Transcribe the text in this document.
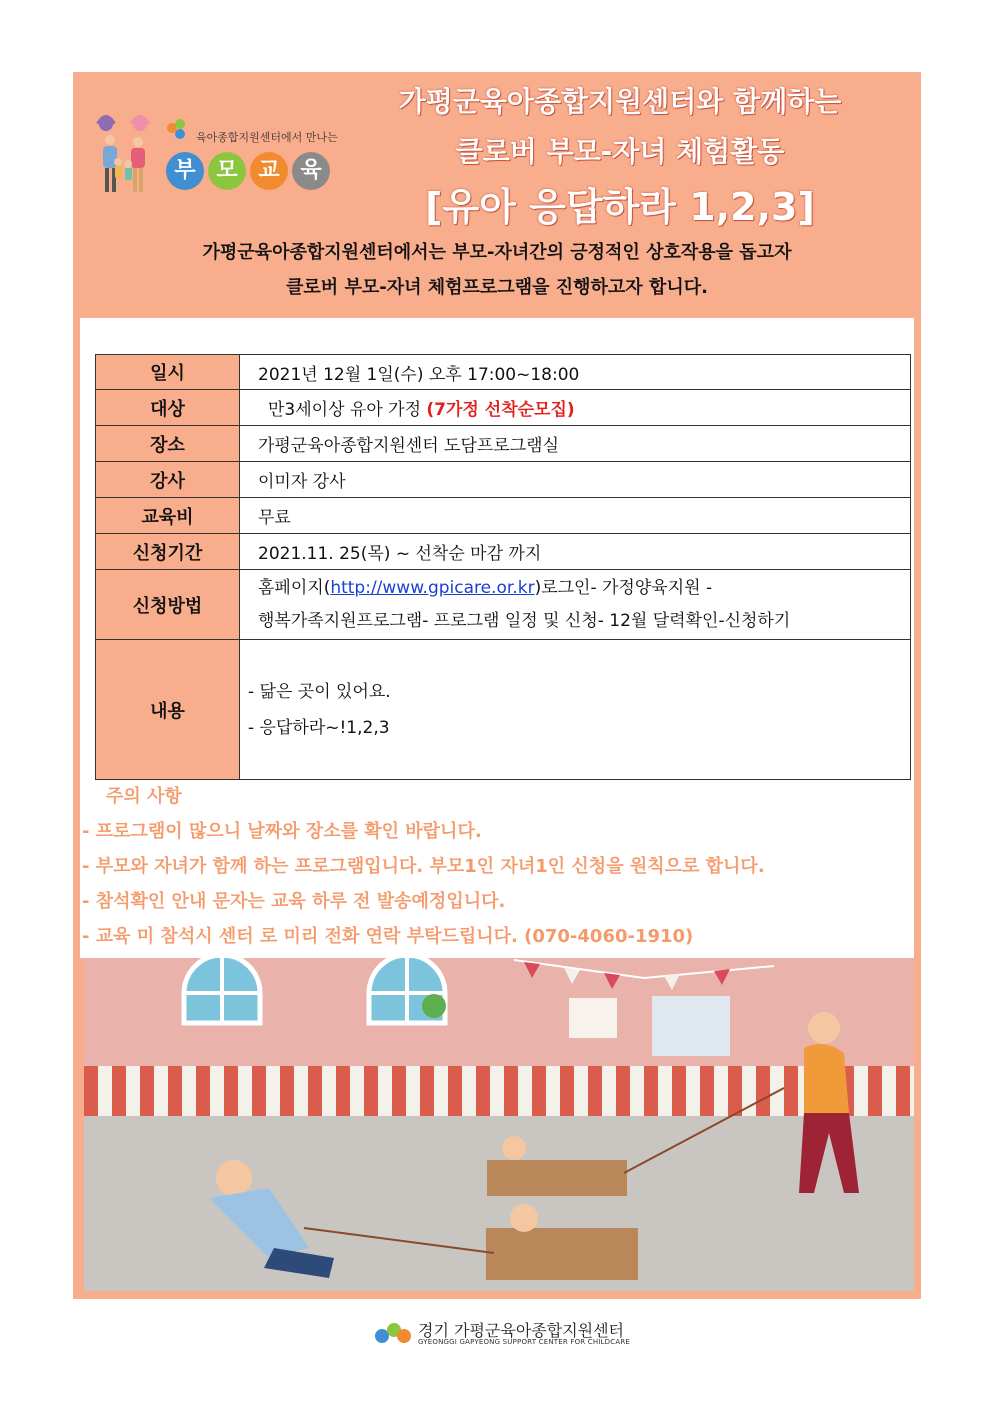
육아종합지원센터에서 만나는
부 모 교 육
가평군육아종합지원센터와 함께하는
클로버 부모-자녀 체험활동
[유아 응답하라 1,2,3]
가평군육아종합지원센터에서는 부모-자녀간의 긍정적인 상호작용을 돕고자
클로버 부모-자녀 체험프로그램을 진행하고자 합니다.
일시	2021년 12월 1일(수) 오후 17:00~18:00
대상	만3세이상 유아 가정 (7가정 선착순모집)
장소	가평군육아종합지원센터 도담프로그램실
강사	이미자 강사
교육비	무료
신청기간	2021.11. 25(목) ~ 선착순 마감 까지
신청방법	홈페이지(http://www.gpicare.or.kr)로그인- 가정양육지원 -
행복가족지원프로그램- 프로그램 일정 및 신청- 12월 달력확인-신청하기

내용	- 닮은 곳이 있어요.
- 응답하라~!1,2,3
주의 사항
- 프로그램이 많으니 날짜와 장소를 확인 바랍니다.
- 부모와 자녀가 함께 하는 프로그램입니다. 부모1인 자녀1인 신청을 원칙으로 합니다.
- 참석확인 안내 문자는 교육 하루 전 발송예정입니다.
- 교육 미 참석시 센터 로 미리 전화 연락 부탁드립니다. (070-4060-1910)
경기 가평군육아종합지원센터
GYEONGGI GAPYEONG SUPPORT CENTER FOR CHILDCARE
